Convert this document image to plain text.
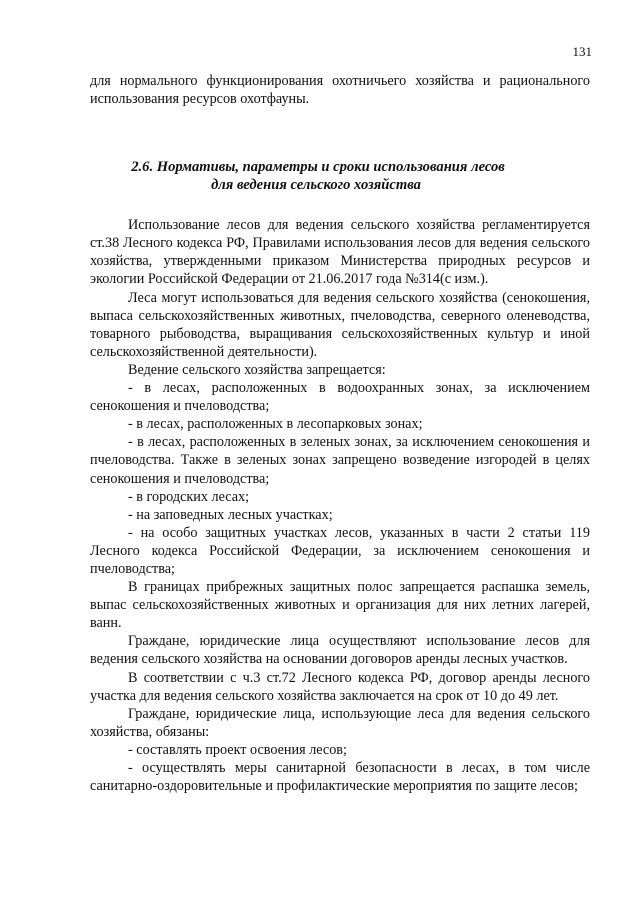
131

для нормального функционирования охотничьего хозяйства и рационального использования ресурсов охотфауны.

2.6. Нормативы, параметры и сроки использования лесов
для ведения сельского хозяйства

Использование лесов для ведения сельского хозяйства регламентируется ст.38 Лесного кодекса РФ, Правилами использования лесов для ведения сельского хозяйства, утвержденными приказом Министерства природных ресурсов и экологии Российской Федерации от 21.06.2017 года №314(с изм.).

Леса могут использоваться для ведения сельского хозяйства (сенокошения, выпаса сельскохозяйственных животных, пчеловодства, северного оленеводства, товарного рыбоводства, выращивания сельскохозяйственных культур и иной сельскохозяйственной деятельности).

Ведение сельского хозяйства запрещается:

- в лесах, расположенных в водоохранных зонах, за исключением сенокошения и пчеловодства;

- в лесах, расположенных в лесопарковых зонах;

- в лесах, расположенных в зеленых зонах, за исключением сенокошения и пчеловодства. Также в зеленых зонах запрещено возведение изгородей в целях сенокошения и пчеловодства;

- в городских лесах;

- на заповедных лесных участках;

- на особо защитных участках лесов, указанных в части 2 статьи 119 Лесного кодекса Российской Федерации, за исключением сенокошения и пчеловодства;

В границах прибрежных защитных полос запрещается распашка земель, выпас сельскохозяйственных животных и организация для них летних лагерей, ванн.

Граждане, юридические лица осуществляют использование лесов для ведения сельского хозяйства на основании договоров аренды лесных участков.

В соответствии с ч.3 ст.72 Лесного кодекса РФ, договор аренды лесного участка для ведения сельского хозяйства заключается на срок от 10 до 49 лет.

Граждане, юридические лица, использующие леса для ведения сельского хозяйства, обязаны:

- составлять проект освоения лесов;

- осуществлять меры санитарной безопасности в лесах, в том числе санитарно-оздоровительные и профилактические мероприятия по защите лесов;
